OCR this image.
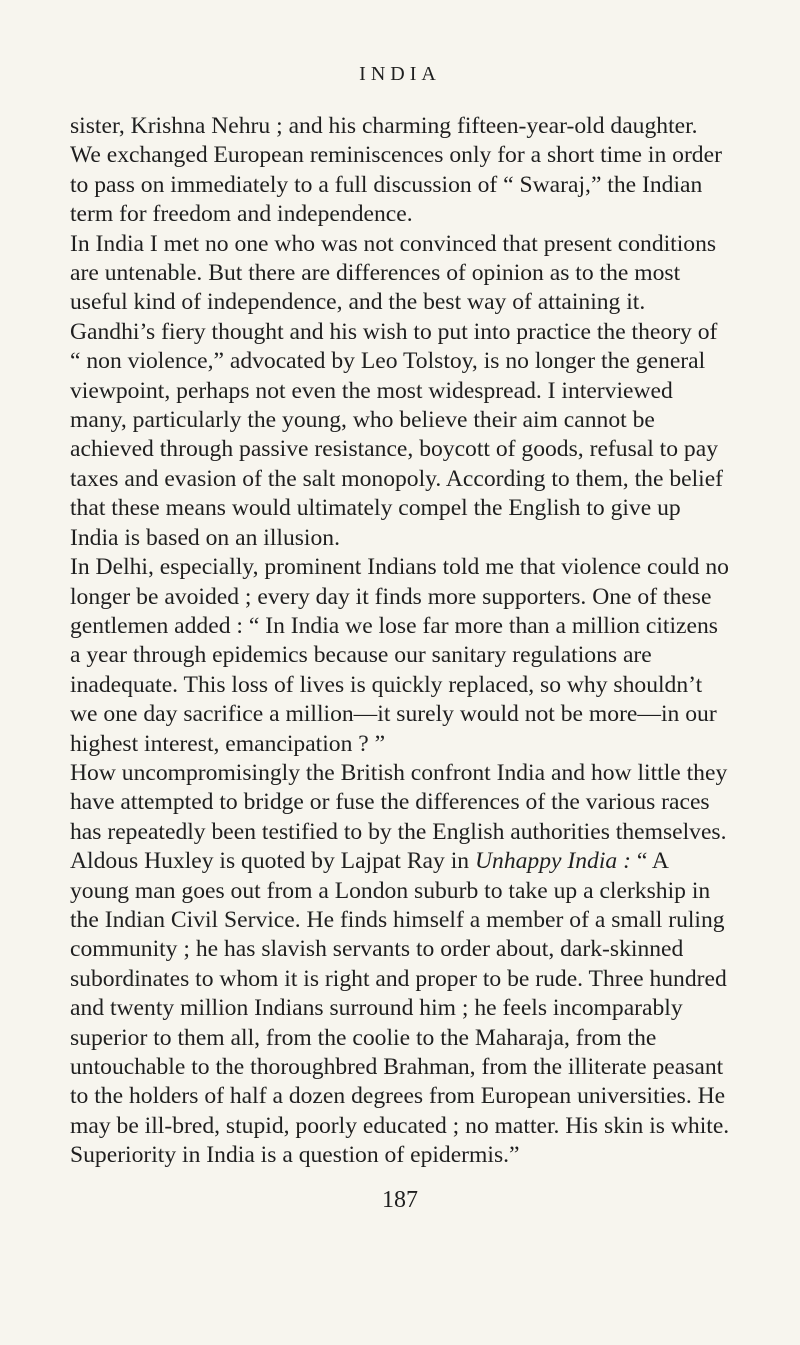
INDIA

sister, Krishna Nehru ; and his charming fifteen-year-old daughter. We exchanged European reminiscences only for a short time in order to pass on immediately to a full discussion of “ Swaraj,” the Indian term for freedom and independence.

In India I met no one who was not convinced that present conditions are untenable. But there are differences of opinion as to the most useful kind of independence, and the best way of attaining it.

Gandhi’s fiery thought and his wish to put into practice the theory of “ non violence,” advocated by Leo Tolstoy, is no longer the general viewpoint, perhaps not even the most widespread. I interviewed many, particularly the young, who believe their aim cannot be achieved through passive resistance, boycott of goods, refusal to pay taxes and evasion of the salt monopoly. According to them, the belief that these means would ultimately compel the English to give up India is based on an illusion.

In Delhi, especially, prominent Indians told me that violence could no longer be avoided ; every day it finds more supporters. One of these gentlemen added : “ In India we lose far more than a million citizens a year through epidemics because our sanitary regulations are inadequate. This loss of lives is quickly replaced, so why shouldn’t we one day sacrifice a million—it surely would not be more—in our highest interest, emancipation ? ”

How uncompromisingly the British confront India and how little they have attempted to bridge or fuse the differences of the various races has repeatedly been testified to by the English authorities themselves.

Aldous Huxley is quoted by Lajpat Ray in Unhappy India : “ A young man goes out from a London suburb to take up a clerkship in the Indian Civil Service. He finds himself a member of a small ruling community ; he has slavish servants to order about, dark-skinned subordinates to whom it is right and proper to be rude. Three hundred and twenty million Indians surround him ; he feels incomparably superior to them all, from the coolie to the Maharaja, from the untouchable to the thoroughbred Brahman, from the illiterate peasant to the holders of half a dozen degrees from European universities. He may be ill-bred, stupid, poorly educated ; no matter. His skin is white. Superiority in India is a question of epidermis.”

187
